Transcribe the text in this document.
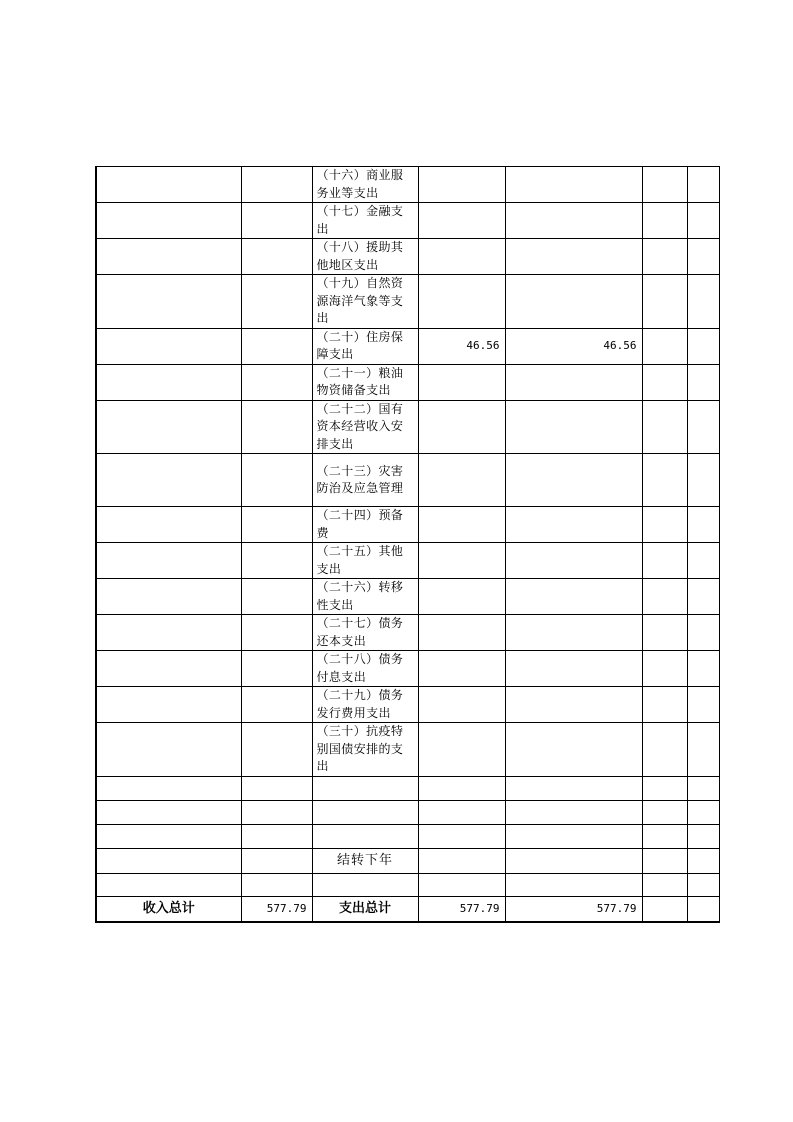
		（十六）商业服务业等支出				
		（十七）金融支出				
		（十八）援助其他地区支出				
		（十九）自然资源海洋气象等支出				
		（二十）住房保障支出	46.56	46.56		
		（二十一）粮油物资储备支出				
		（二十二）国有资本经营收入安排支出				
		（二十三）灾害防治及应急管理				
		（二十四）预备费				
		（二十五）其他支出				
		（二十六）转移性支出				
		（二十七）债务还本支出				
		（二十八）债务付息支出				
		（二十九）债务发行费用支出				
		（三十）抗疫特别国债安排的支出				

		结转下年				

收入总计	577.79	支出总计	577.79	577.79		
